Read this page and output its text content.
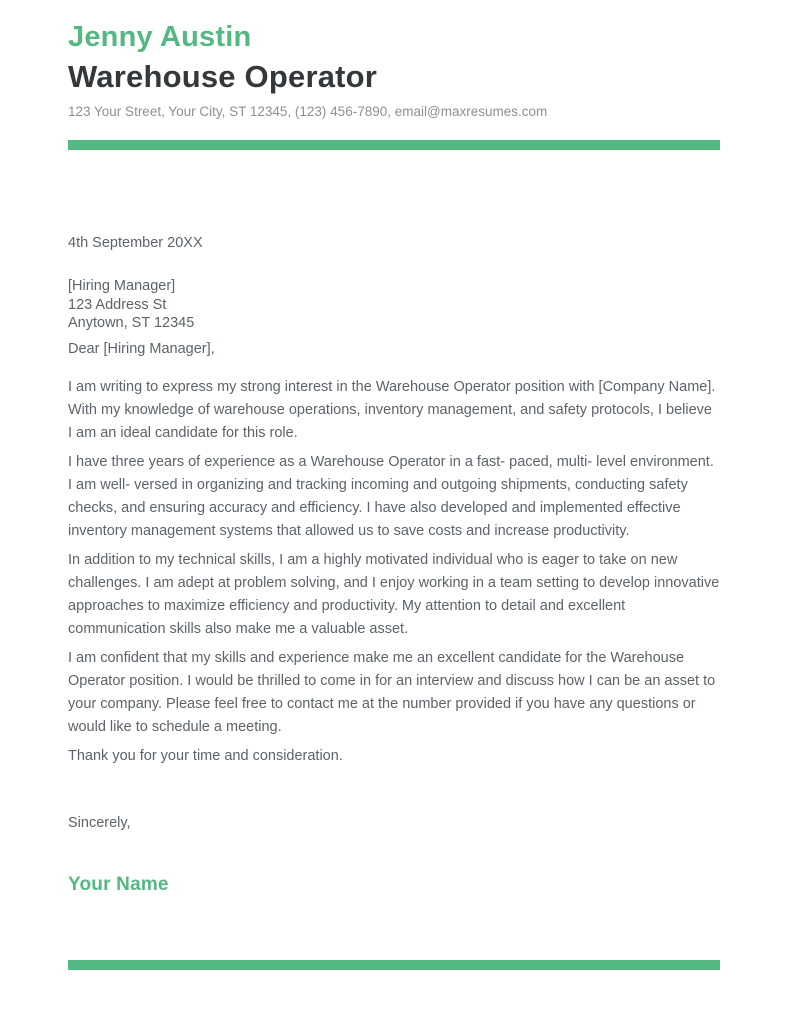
Jenny Austin
Warehouse Operator

123 Your Street, Your City, ST 12345, (123) 456-7890, email@maxresumes.com

4th September 20XX

[Hiring Manager]
123 Address St
Anytown, ST 12345

Dear [Hiring Manager],

I am writing to express my strong interest in the Warehouse Operator position with [Company Name]. With my knowledge of warehouse operations, inventory management, and safety protocols, I believe I am an ideal candidate for this role.

I have three years of experience as a Warehouse Operator in a fast- paced, multi- level environment. I am well- versed in organizing and tracking incoming and outgoing shipments, conducting safety checks, and ensuring accuracy and efficiency. I have also developed and implemented effective inventory management systems that allowed us to save costs and increase productivity.

In addition to my technical skills, I am a highly motivated individual who is eager to take on new challenges. I am adept at problem solving, and I enjoy working in a team setting to develop innovative approaches to maximize efficiency and productivity. My attention to detail and excellent communication skills also make me a valuable asset.

I am confident that my skills and experience make me an excellent candidate for the Warehouse Operator position. I would be thrilled to come in for an interview and discuss how I can be an asset to your company. Please feel free to contact me at the number provided if you have any questions or would like to schedule a meeting.

Thank you for your time and consideration.

Sincerely,

Your Name
